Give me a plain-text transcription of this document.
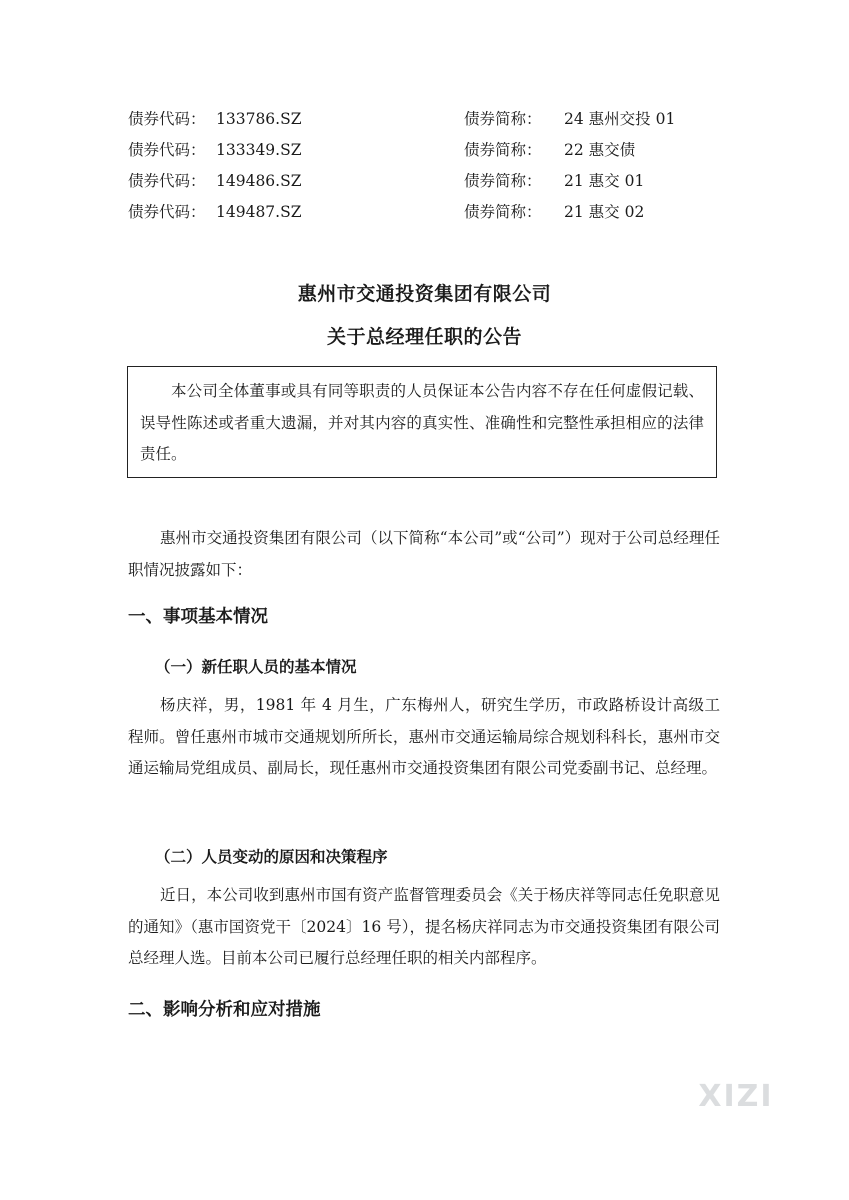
债券代码： 133786.SZ	债券简称： 24 惠州交投 01
债券代码： 133349.SZ	债券简称： 22 惠交债
债券代码： 149486.SZ	债券简称： 21 惠交 01
债券代码： 149487.SZ	债券简称： 21 惠交 02
惠州市交通投资集团有限公司
关于总经理任职的公告
本公司全体董事或具有同等职责的人员保证本公告内容不存在任何虚假记载、误导性陈述或者重大遗漏，并对其内容的真实性、准确性和完整性承担相应的法律责任。
惠州市交通投资集团有限公司（以下简称“本公司”或“公司”）现对于公司总经理任职情况披露如下：
一、事项基本情况
（一）新任职人员的基本情况
杨庆祥，男，1981 年 4 月生，广东梅州人，研究生学历，市政路桥设计高级工程师。曾任惠州市城市交通规划所所长，惠州市交通运输局综合规划科科长，惠州市交通运输局党组成员、副局长，现任惠州市交通投资集团有限公司党委副书记、总经理。
（二）人员变动的原因和决策程序
近日，本公司收到惠州市国有资产监督管理委员会《关于杨庆祥等同志任免职意见的通知》（惠市国资党干〔2024〕16 号），提名杨庆祥同志为市交通投资集团有限公司总经理人选。目前本公司已履行总经理任职的相关内部程序。
二、影响分析和应对措施
XIZI
